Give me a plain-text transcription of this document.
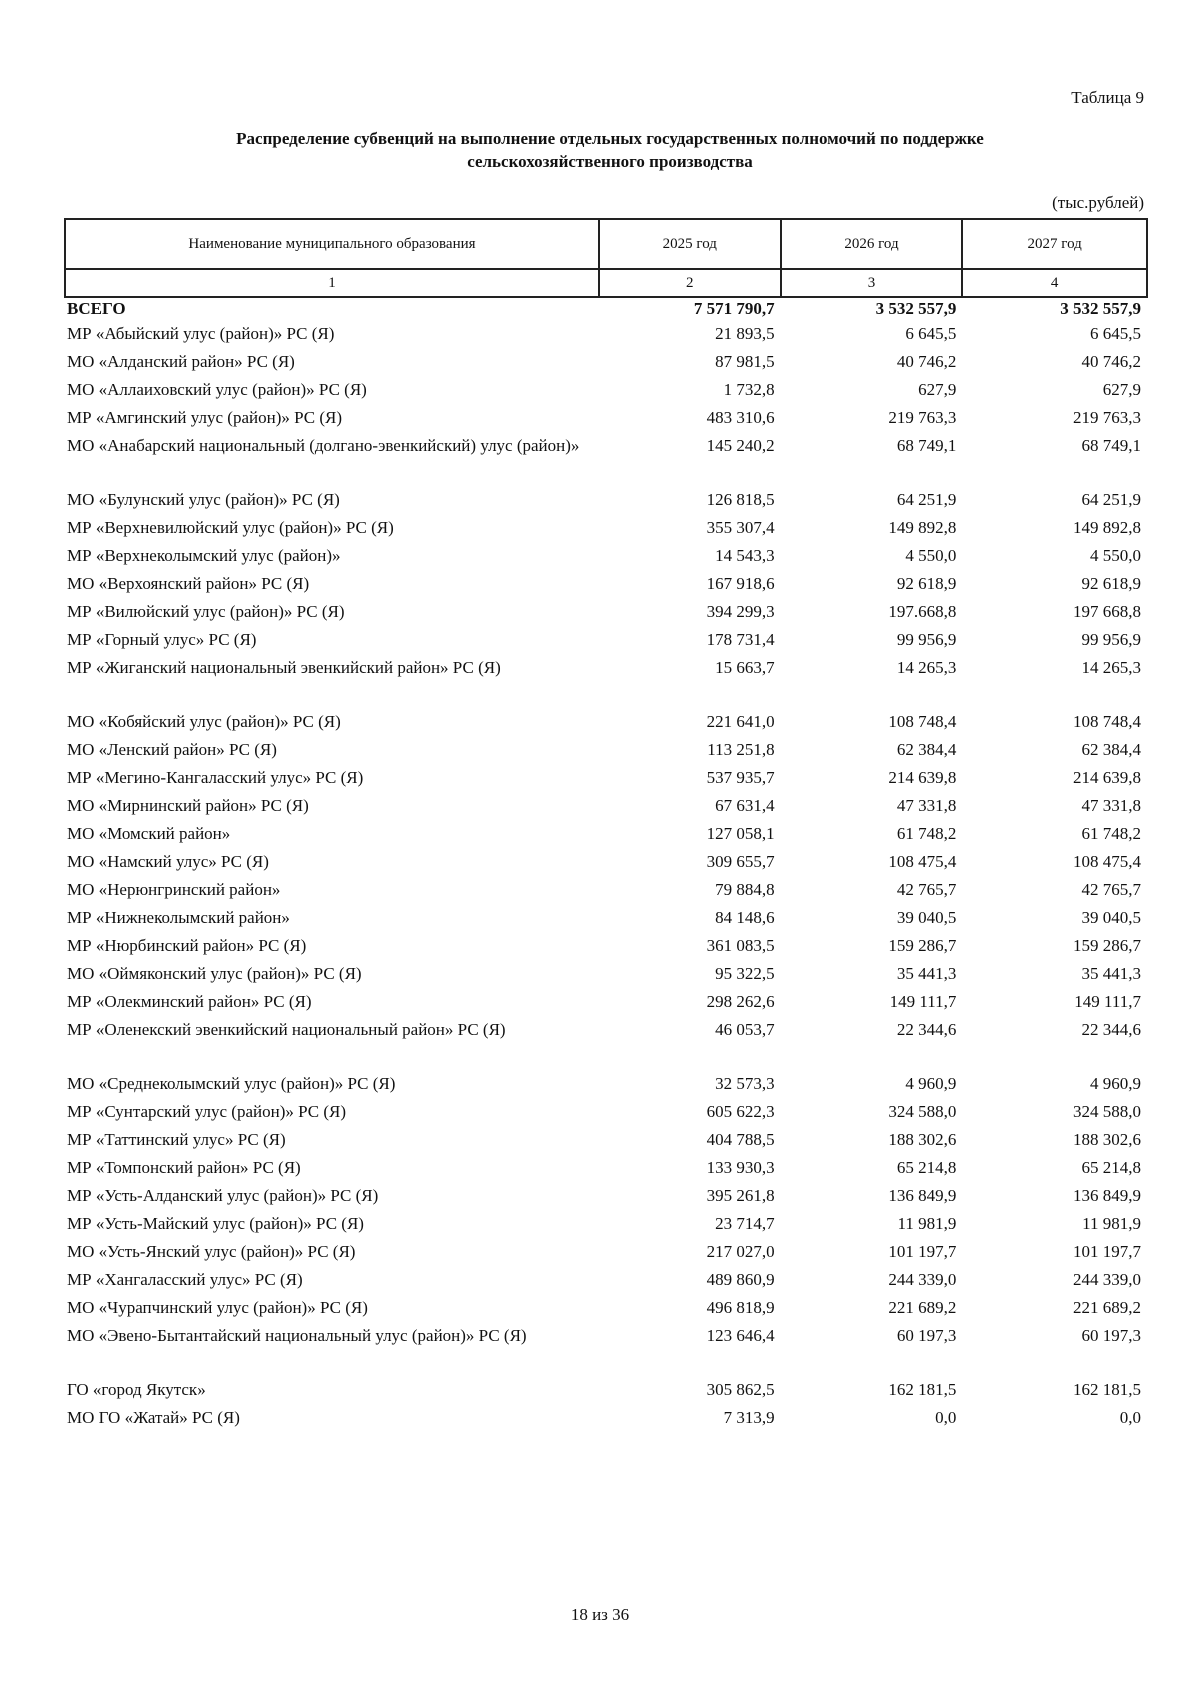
Таблица 9
Распределение субвенций на выполнение отдельных государственных полномочий по поддержке
сельскохозяйственного производства
(тыс.рублей)
Наименование муниципального образования	2025 год	2026 год	2027 год
1	2	3	4
ВСЕГО	7 571 790,7	3 532 557,9	3 532 557,9
МР «Абыйский улус (район)» РС (Я)	21 893,5	6 645,5	6 645,5
МО «Алданский район» РС (Я)	87 981,5	40 746,2	40 746,2
МО «Аллаиховский улус (район)» РС (Я)	1 732,8	627,9	627,9
МР «Амгинский улус (район)» РС (Я)	483 310,6	219 763,3	219 763,3
МО «Анабарский национальный (долгано-эвенкийский) улус (район)»	145 240,2	68 749,1	68 749,1
МО «Булунский улус (район)» РС (Я)	126 818,5	64 251,9	64 251,9
МР «Верхневилюйский улус (район)» РС (Я)	355 307,4	149 892,8	149 892,8
МР «Верхнеколымский улус (район)»	14 543,3	4 550,0	4 550,0
МО «Верхоянский район» РС (Я)	167 918,6	92 618,9	92 618,9
МР «Вилюйский улус (район)» РС (Я)	394 299,3	197.668,8	197 668,8
МР «Горный улус» РС (Я)	178 731,4	99 956,9	99 956,9
МР «Жиганский национальный эвенкийский район» РС (Я)	15 663,7	14 265,3	14 265,3
МО «Кобяйский улус (район)» РС (Я)	221 641,0	108 748,4	108 748,4
МО «Ленский район» РС (Я)	113 251,8	62 384,4	62 384,4
МР «Мегино-Кангаласский улус» РС (Я)	537 935,7	214 639,8	214 639,8
МО «Мирнинский район» РС (Я)	67 631,4	47 331,8	47 331,8
МО «Момский район»	127 058,1	61 748,2	61 748,2
МО «Намский улус» РС (Я)	309 655,7	108 475,4	108 475,4
МО «Нерюнгринский район»	79 884,8	42 765,7	42 765,7
МР «Нижнеколымский район»	84 148,6	39 040,5	39 040,5
МР «Нюрбинский район» РС (Я)	361 083,5	159 286,7	159 286,7
МО «Оймяконский улус (район)» РС (Я)	95 322,5	35 441,3	35 441,3
МР «Олекминский район» РС (Я)	298 262,6	149 111,7	149 111,7
МР «Оленекский эвенкийский национальный район» РС (Я)	46 053,7	22 344,6	22 344,6
МО «Среднеколымский улус (район)» РС (Я)	32 573,3	4 960,9	4 960,9
МР «Сунтарский улус (район)» РС (Я)	605 622,3	324 588,0	324 588,0
МР «Таттинский улус» РС (Я)	404 788,5	188 302,6	188 302,6
МР «Томпонский район» РС (Я)	133 930,3	65 214,8	65 214,8
МР «Усть-Алданский улус (район)» РС (Я)	395 261,8	136 849,9	136 849,9
МР «Усть-Майский улус (район)» РС (Я)	23 714,7	11 981,9	11 981,9
МО «Усть-Янский улус (район)» РС (Я)	217 027,0	101 197,7	101 197,7
МР «Хангаласский улус» РС (Я)	489 860,9	244 339,0	244 339,0
МО «Чурапчинский улус (район)» РС (Я)	496 818,9	221 689,2	221 689,2
МО «Эвено-Бытантайский национальный улус (район)» РС (Я)	123 646,4	60 197,3	60 197,3
ГО «город Якутск»	305 862,5	162 181,5	162 181,5
МО ГО «Жатай» РС (Я)	7 313,9	0,0	0,0
18 из 36
